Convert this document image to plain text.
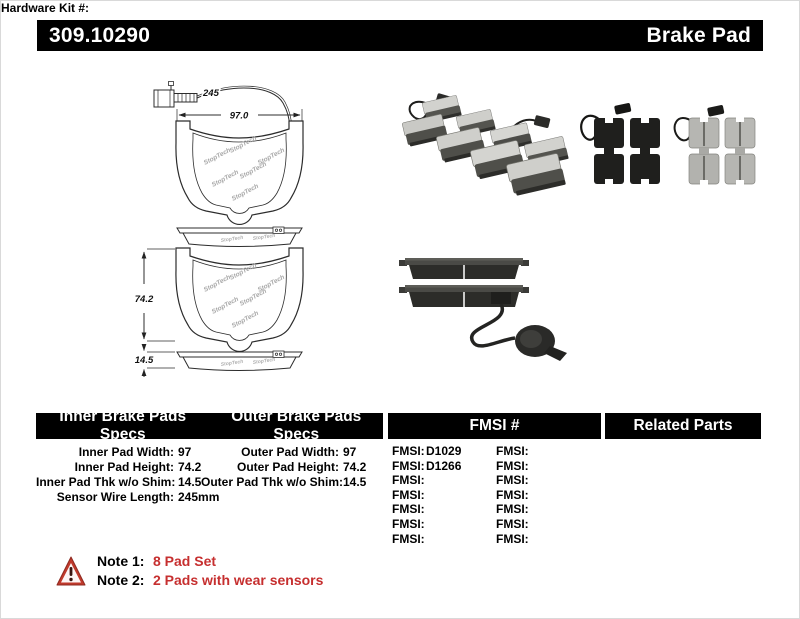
309.10290	Brake Pad
245
97.0
StopTech
StopTech
StopTech
StopTech
StopTech
StopTech
StopTech StopTech
StopTech
StopTech
StopTech
StopTech
StopTech
StopTech
74.2
StopTech StopTech
14.5
Inner Brake Pads Specs
Outer Brake Pads Specs
FMSI #	Related Parts
Inner Pad Width: 97
Inner Pad Height: 74.2
Inner Pad Thk w/o Shim: 14.5
Sensor Wire Length: 245mm
Outer Pad Width: 97
Outer Pad Height: 74.2
Outer Pad Thk w/o Shim: 14.5
FMSI:D1029
FMSI:D1266
FMSI:
FMSI:
FMSI:
FMSI:
FMSI:
FMSI:
FMSI:
FMSI:
FMSI:
FMSI:
FMSI:
FMSI:
Hardware Kit #:
Note 1: 8 Pad Set
Note 2: 2 Pads with wear sensors
